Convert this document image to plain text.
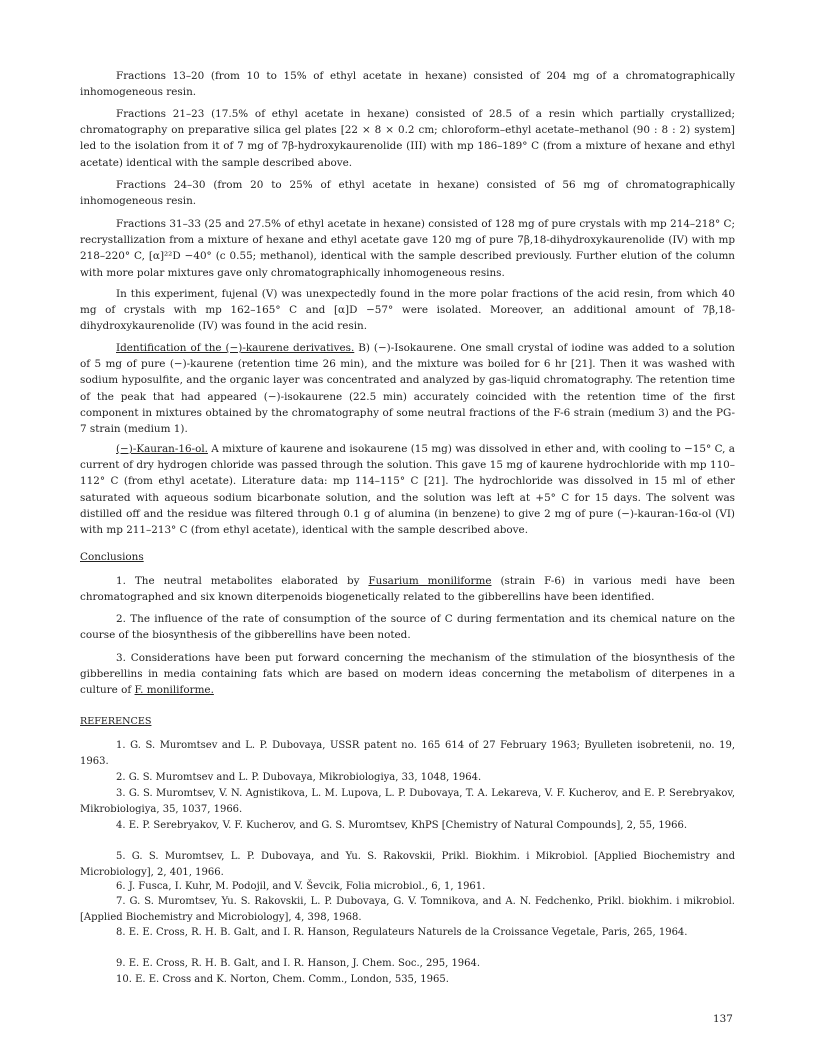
Fractions 13–20 (from 10 to 15% of ethyl acetate in hexane) consisted of 204 mg of a chromatographically inhomogeneous resin.

Fractions 21–23 (17.5% of ethyl acetate in hexane) consisted of 28.5 of a resin which partially crystallized; chromatography on preparative silica gel plates [22 × 8 × 0.2 cm; chloroform–ethyl acetate–methanol (90 : 8 : 2) system] led to the isolation from it of 7 mg of 7β-hydroxykaurenolide (III) with mp 186–189° C (from a mixture of hexane and ethyl acetate) identical with the sample described above.

Fractions 24–30 (from 20 to 25% of ethyl acetate in hexane) consisted of 56 mg of chromatographically inhomogeneous resin.

Fractions 31–33 (25 and 27.5% of ethyl acetate in hexane) consisted of 128 mg of pure crystals with mp 214–218° C; recrystallization from a mixture of hexane and ethyl acetate gave 120 mg of pure 7β,18-dihydroxykaurenolide (IV) with mp 218–220° C, [α]²²D −40° (c 0.55; methanol), identical with the sample described previously. Further elution of the column with more polar mixtures gave only chromatographically inhomogeneous resins.

In this experiment, fujenal (V) was unexpectedly found in the more polar fractions of the acid resin, from which 40 mg of crystals with mp 162–165° C and [α]D −57° were isolated. Moreover, an additional amount of 7β,18-dihydroxykaurenolide (IV) was found in the acid resin.

Identification of the (−)-kaurene derivatives. B) (−)-Isokaurene. One small crystal of iodine was added to a solution of 5 mg of pure (−)-kaurene (retention time 26 min), and the mixture was boiled for 6 hr [21]. Then it was washed with sodium hyposulfite, and the organic layer was concentrated and analyzed by gas-liquid chromatography. The retention time of the peak that had appeared (−)-isokaurene (22.5 min) accurately coincided with the retention time of the first component in mixtures obtained by the chromatography of some neutral fractions of the F-6 strain (medium 3) and the PG-7 strain (medium 1).

(−)-Kauran-16-ol. A mixture of kaurene and isokaurene (15 mg) was dissolved in ether and, with cooling to −15° C, a current of dry hydrogen chloride was passed through the solution. This gave 15 mg of kaurene hydrochloride with mp 110–112° C (from ethyl acetate). Literature data: mp 114–115° C [21]. The hydrochloride was dissolved in 15 ml of ether saturated with aqueous sodium bicarbonate solution, and the solution was left at +5° C for 15 days. The solvent was distilled off and the residue was filtered through 0.1 g of alumina (in benzene) to give 2 mg of pure (−)-kauran-16α-ol (VI) with mp 211–213° C (from ethyl acetate), identical with the sample described above.

Conclusions

1. The neutral metabolites elaborated by Fusarium moniliforme (strain F-6) in various medi have been chromatographed and six known diterpenoids biogenetically related to the gibberellins have been identified.

2. The influence of the rate of consumption of the source of C during fermentation and its chemical nature on the course of the biosynthesis of the gibberellins have been noted.

3. Considerations have been put forward concerning the mechanism of the stimulation of the biosynthesis of the gibberellins in media containing fats which are based on modern ideas concerning the metabolism of diterpenes in a culture of F. moniliforme.

REFERENCES

1. G. S. Muromtsev and L. P. Dubovaya, USSR patent no. 165 614 of 27 February 1963; Byulleten isobretenii, no. 19, 1963.

2. G. S. Muromtsev and L. P. Dubovaya, Mikrobiologiya, 33, 1048, 1964.

3. G. S. Muromtsev, V. N. Agnistikova, L. M. Lupova, L. P. Dubovaya, T. A. Lekareva, V. F. Kucherov, and E. P. Serebryakov, Mikrobiologiya, 35, 1037, 1966.

4. E. P. Serebryakov, V. F. Kucherov, and G. S. Muromtsev, KhPS [Chemistry of Natural Compounds], 2, 55, 1966.

5. G. S. Muromtsev, L. P. Dubovaya, and Yu. S. Rakovskii, Prikl. Biokhim. i Mikrobiol. [Applied Biochemistry and Microbiology], 2, 401, 1966.

6. J. Fusca, I. Kuhr, M. Podojil, and V. Ševcik, Folia microbiol., 6, 1, 1961.

7. G. S. Muromtsev, Yu. S. Rakovskii, L. P. Dubovaya, G. V. Tomnikova, and A. N. Fedchenko, Prikl. biokhim. i mikrobiol. [Applied Biochemistry and Microbiology], 4, 398, 1968.

8. E. E. Cross, R. H. B. Galt, and I. R. Hanson, Regulateurs Naturels de la Croissance Vegetale, Paris, 265, 1964.

9. E. E. Cross, R. H. B. Galt, and I. R. Hanson, J. Chem. Soc., 295, 1964.

10. E. E. Cross and K. Norton, Chem. Comm., London, 535, 1965.

137
